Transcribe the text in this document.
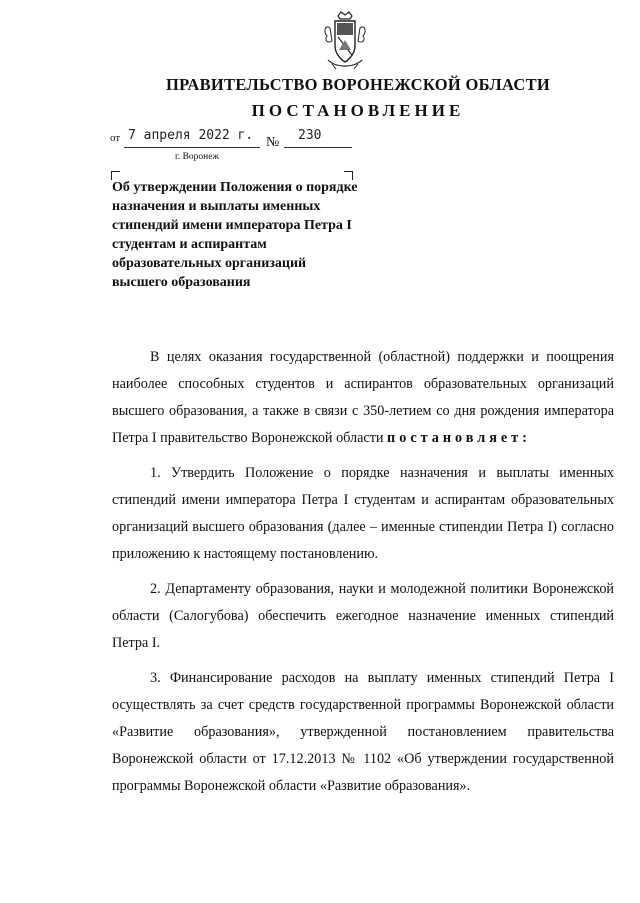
ПРАВИТЕЛЬСТВО ВОРОНЕЖСКОЙ ОБЛАСТИ
ПОСТАНОВЛЕНИЕ
от 7 апреля 2022 г. № 230
г. Воронеж
Об утверждении Положения о порядке назначения и выплаты именных стипендий имени императора Петра I студентам и аспирантам образовательных организаций высшего образования

В целях оказания государственной (областной) поддержки и поощрения наиболее способных студентов и аспирантов образовательных организаций высшего образования, а также в связи с 350-летием со дня рождения императора Петра I правительство Воронежской области постановляет:

1. Утвердить Положение о порядке назначения и выплаты именных стипендий имени императора Петра I студентам и аспирантам образовательных организаций высшего образования (далее – именные стипендии Петра I) согласно приложению к настоящему постановлению.

2. Департаменту образования, науки и молодежной политики Воронежской области (Салогубова) обеспечить ежегодное назначение именных стипендий Петра I.

3. Финансирование расходов на выплату именных стипендий Петра I осуществлять за счет средств государственной программы Воронежской области «Развитие образования», утвержденной постановлением правительства Воронежской области от 17.12.2013 № 1102 «Об утверждении государственной программы Воронежской области «Развитие образования».
